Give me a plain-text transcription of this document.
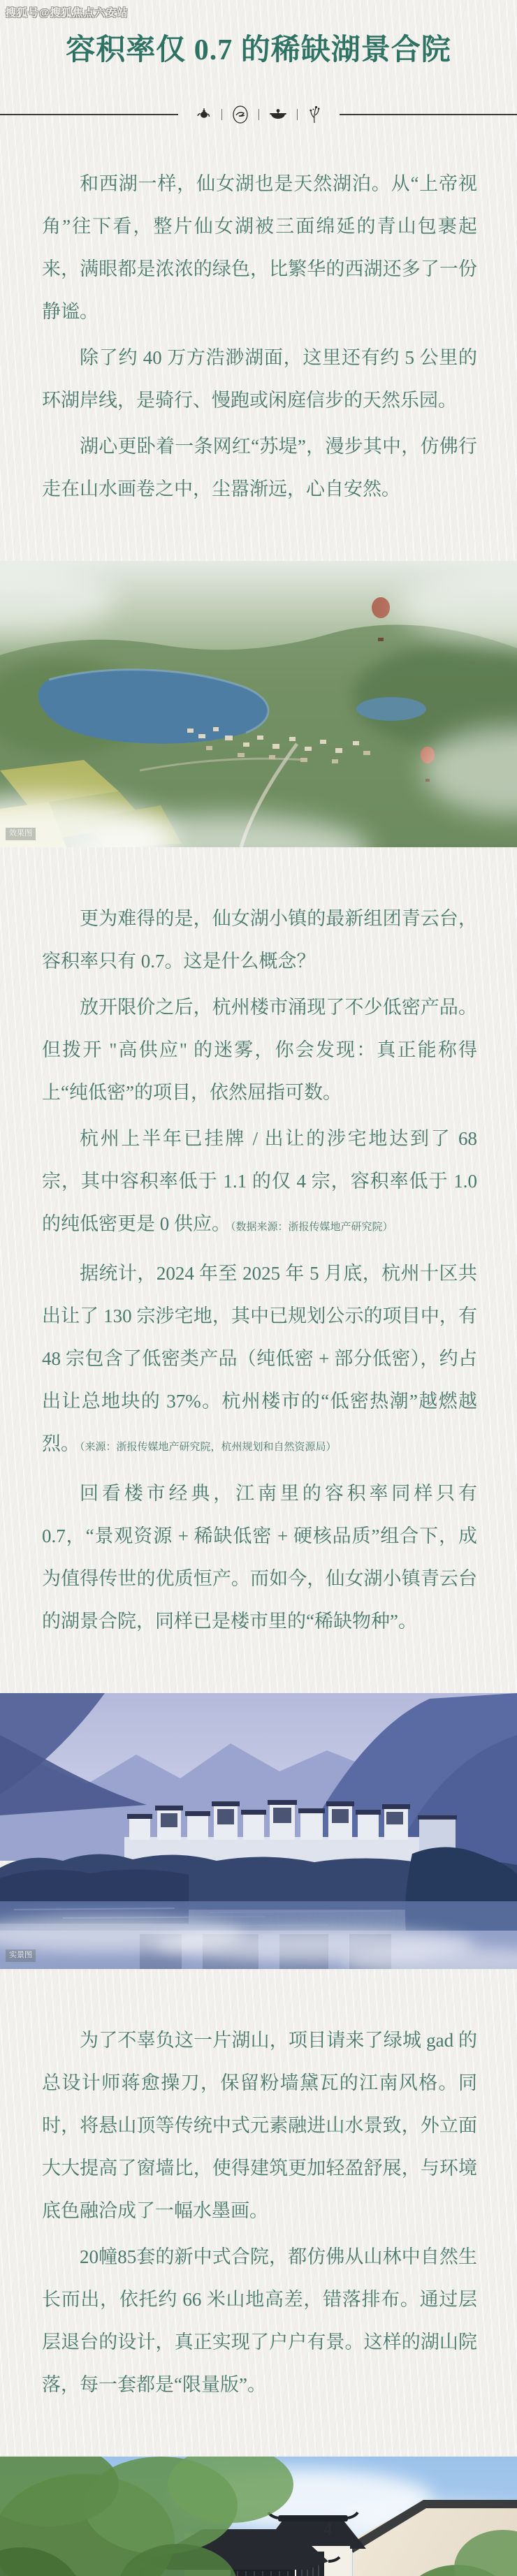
搜狐号@搜狐焦点六安站
容积率仅 0.7 的稀缺湖景合院

和西湖一样，仙女湖也是天然湖泊。从“上帝视角”往下看，整片仙女湖被三面绵延的青山包裹起来，满眼都是浓浓的绿色，比繁华的西湖还多了一份静谧。

除了约 40 万方浩渺湖面，这里还有约 5 公里的环湖岸线，是骑行、慢跑或闲庭信步的天然乐园。

湖心更卧着一条网红“苏堤”，漫步其中，仿佛行走在山水画卷之中，尘嚣渐远，心自安然。

效果图

更为难得的是，仙女湖小镇的最新组团青云台，容积率只有 0.7。这是什么概念？

放开限价之后，杭州楼市涌现了不少低密产品。但拨开 "高供应" 的迷雾，你会发现：真正能称得上“纯低密”的项目，依然屈指可数。

杭州上半年已挂牌 / 出让的涉宅地达到了 68 宗，其中容积率低于 1.1 的仅 4 宗，容积率低于 1.0 的纯低密更是 0 供应。（数据来源：浙报传媒地产研究院）

据统计，2024 年至 2025 年 5 月底，杭州十区共出让了 130 宗涉宅地，其中已规划公示的项目中，有 48 宗包含了低密类产品（纯低密 + 部分低密），约占出让总地块的 37%。杭州楼市的“低密热潮”越燃越烈。（来源：浙报传媒地产研究院，杭州规划和自然资源局）

回看楼市经典，江南里的容积率同样只有 0.7，“景观资源 + 稀缺低密 + 硬核品质”组合下，成为值得传世的优质恒产。而如今，仙女湖小镇青云台的湖景合院，同样已是楼市里的“稀缺物种”。

实景图

为了不辜负这一片湖山，项目请来了绿城 gad 的总设计师蒋愈操刀，保留粉墙黛瓦的江南风格。同时，将悬山顶等传统中式元素融进山水景致，外立面大大提高了窗墙比，使得建筑更加轻盈舒展，与环境底色融洽成了一幅水墨画。

20幢85套的新中式合院，都仿佛从山林中自然生长而出，依托约 66 米山地高差，错落排布。通过层层退台的设计，真正实现了户户有景。这样的湖山院落，每一套都是“限量版”。

4
